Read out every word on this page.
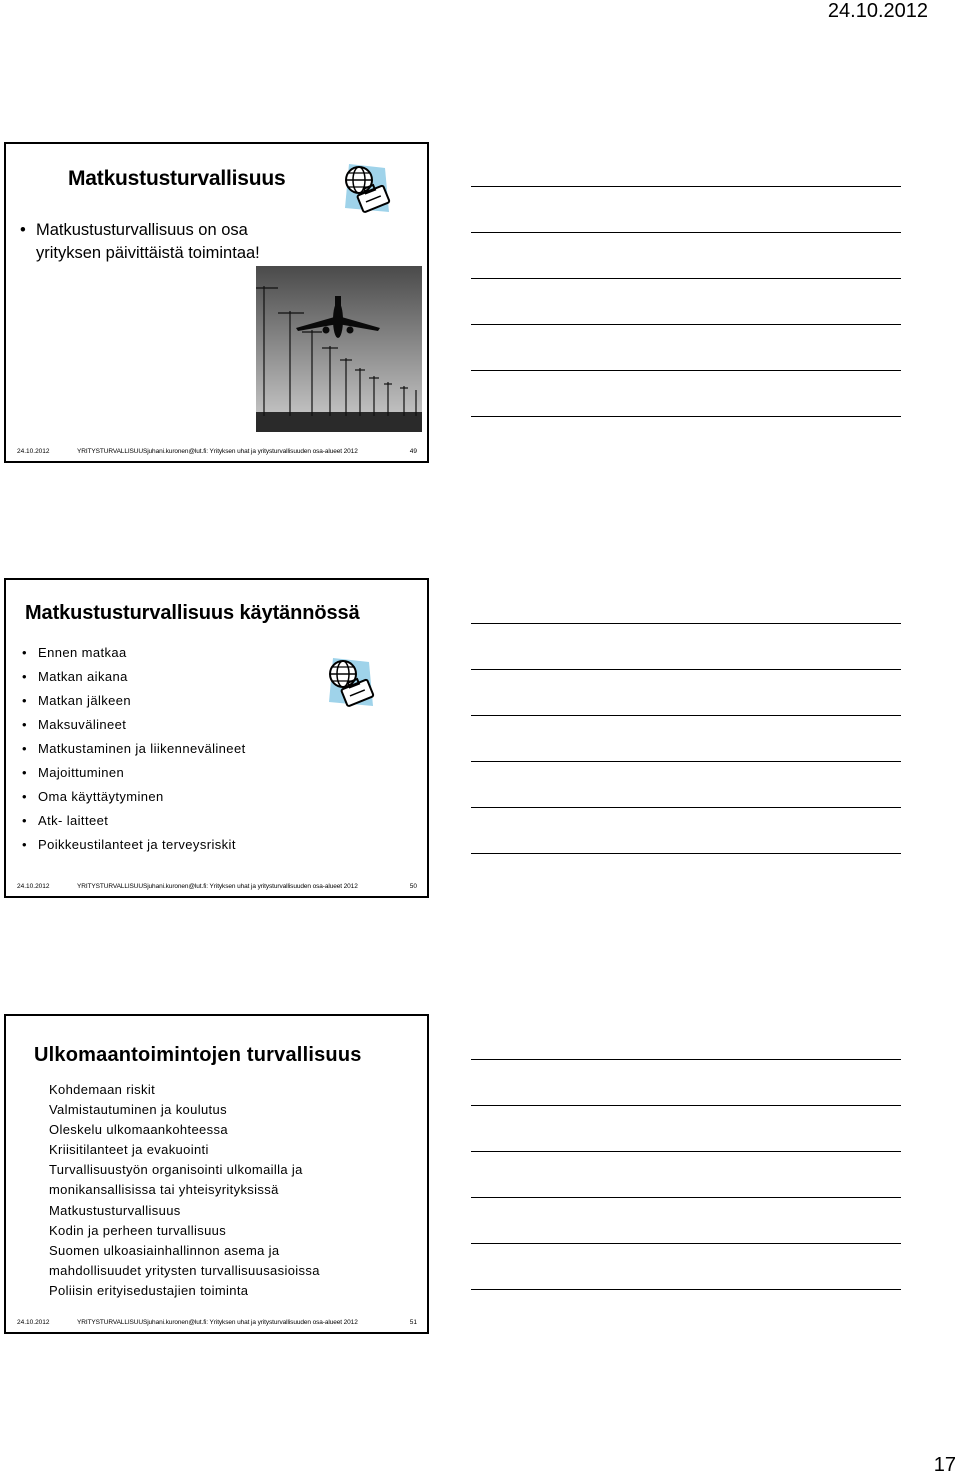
24.10.2012
Matkustusturvallisuus
• Matkustusturvallisuus on osa yrityksen päivittäistä toimintaa!
24.10.2012	YRITYSTURVALLISUUSjuhani.kuronen@lut.fi: Yrityksen uhat ja yritysturvallisuuden osa-alueet 2012	49
Matkustusturvallisuus käytännössä
• Ennen matkaa
• Matkan aikana
• Matkan jälkeen
• Maksuvälineet
• Matkustaminen ja liikennevälineet
• Majoittuminen
• Oma käyttäytyminen
• Atk- laitteet
• Poikkeustilanteet ja terveysriskit
24.10.2012	YRITYSTURVALLISUUSjuhani.kuronen@lut.fi: Yrityksen uhat ja yritysturvallisuuden osa-alueet 2012	50
Ulkomaantoimintojen turvallisuus
Kohdemaan riskit
Valmistautuminen ja koulutus
Oleskelu ulkomaankohteessa
Kriisitilanteet ja evakuointi
Turvallisuustyön organisointi ulkomailla ja
monikansallisissa tai yhteisyrityksissä
Matkustusturvallisuus
Kodin ja perheen turvallisuus
Suomen ulkoasiainhallinnon asema ja
mahdollisuudet yritysten turvallisuusasioissa
Poliisin erityisedustajien toiminta
24.10.2012	YRITYSTURVALLISUUSjuhani.kuronen@lut.fi: Yrityksen uhat ja yritysturvallisuuden osa-alueet 2012	51
17
